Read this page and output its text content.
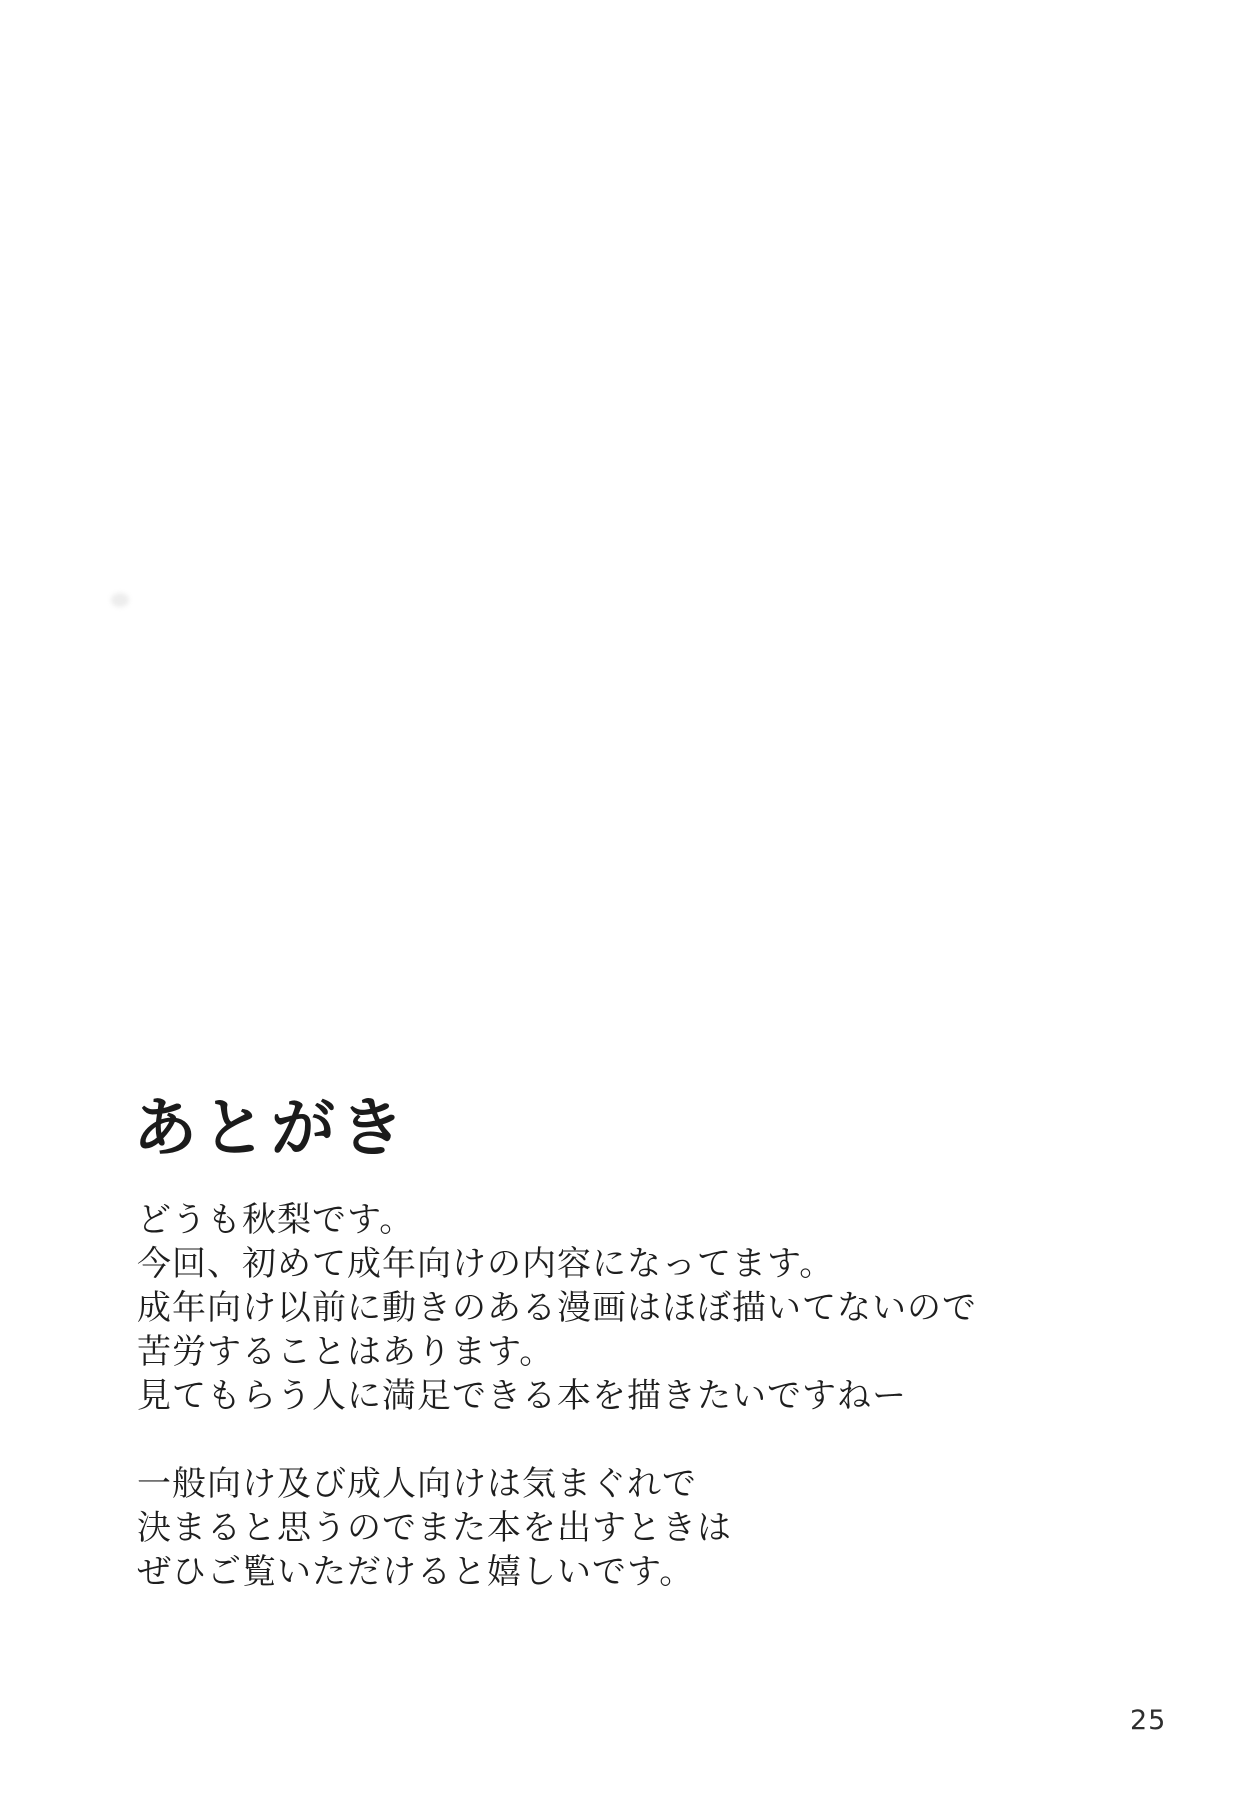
あとがき
どうも秋梨です。
今回、初めて成年向けの内容になってます。
成年向け以前に動きのある漫画はほぼ描いてないので
苦労することはあります。
見てもらう人に満足できる本を描きたいですねー
一般向け及び成人向けは気まぐれで
決まると思うのでまた本を出すときは
ぜひご覧いただけると嬉しいです。
25
